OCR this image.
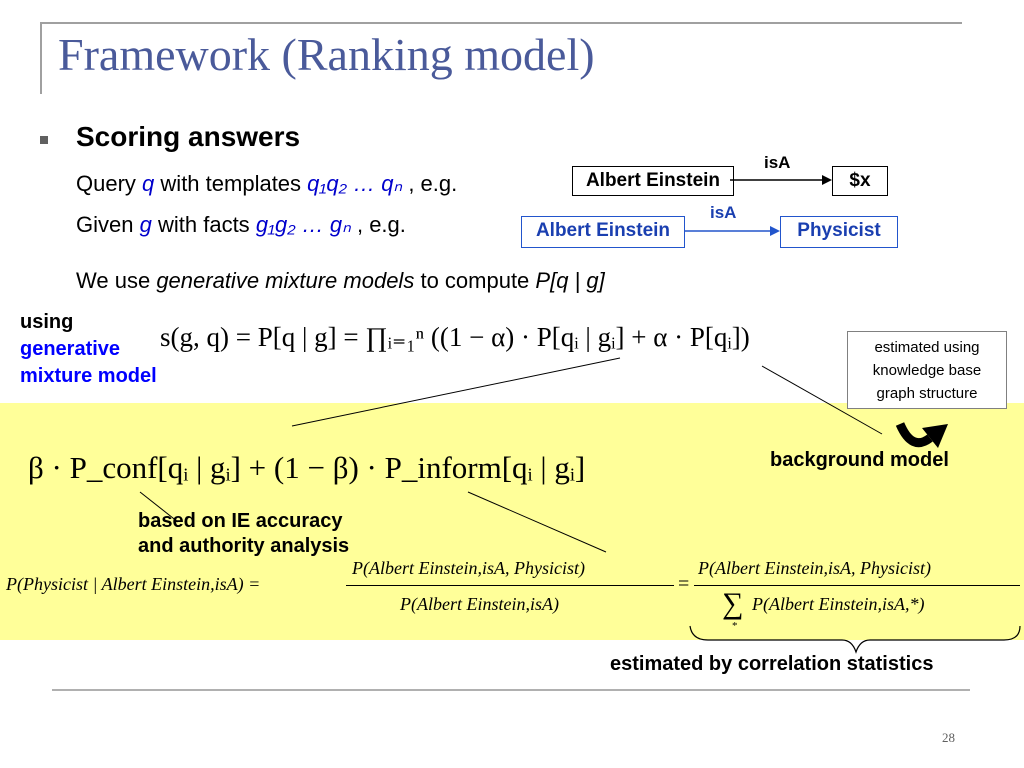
Framework (Ranking model)
Scoring answers
Query q with templates q₁q₂ … qₙ , e.g.	Albert Einstein
isA
$x
Given g with facts g₁g₂ … gₙ , e.g.	Albert Einstein
isA
Physicist
We use generative mixture models to compute P[q | g]
using
generative
mixture model
s(g, q) = P[q | g] = ∏ᵢ₌₁ⁿ ((1 − α) · P[qᵢ | gᵢ] + α · P[qᵢ])	estimated using
knowledge base
graph structure
background model
β · P_conf[qᵢ | gᵢ] + (1 − β) · P_inform[qᵢ | gᵢ]
based on IE accuracy
and authority analysis
P(Physicist | Albert Einstein,isA) =
P(Albert Einstein,isA, Physicist)
P(Albert Einstein,isA)
=
P(Albert Einstein,isA, Physicist)
∑
*
P(Albert Einstein,isA,*)
estimated by correlation statistics
28
